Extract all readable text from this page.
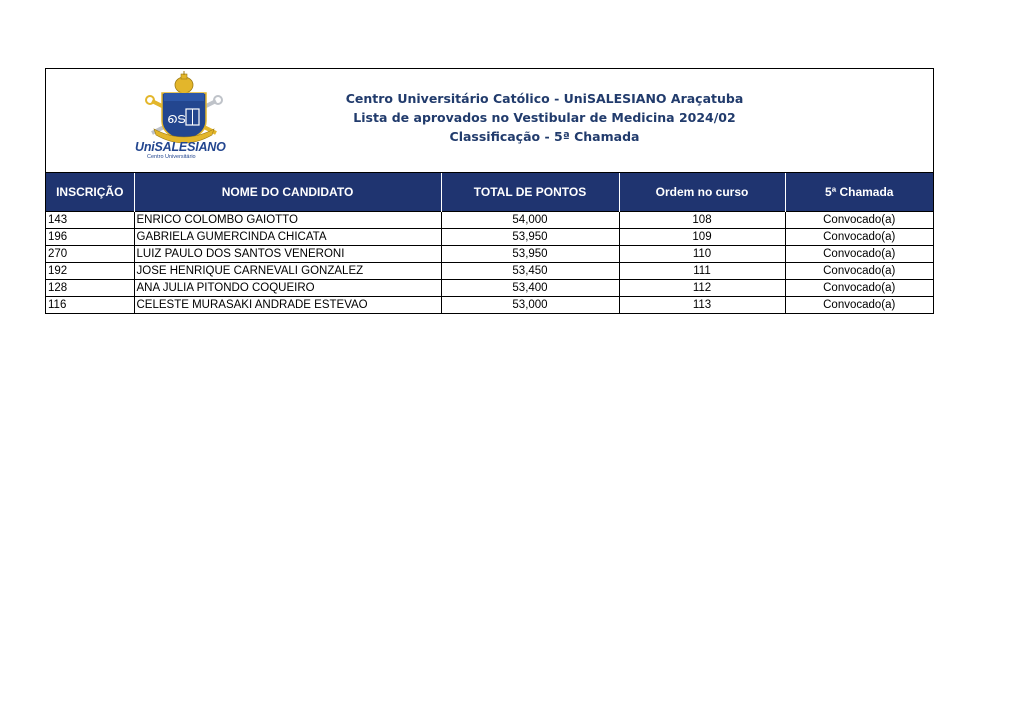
ടെ
UniSALESIANO
Centro Universitário
Centro Universitário Católico - UniSALESIANO Araçatuba
Lista de aprovados no Vestibular de Medicina 2024/02
Classificação - 5ª Chamada
INSCRIÇÃO	NOME DO CANDIDATO	TOTAL DE PONTOS	Ordem no curso	5ª Chamada
143	ENRICO COLOMBO GAIOTTO	54,000	108	Convocado(a)
196	GABRIELA GUMERCINDA CHICATA	53,950	109	Convocado(a)
270	LUIZ PAULO DOS SANTOS VENERONI	53,950	110	Convocado(a)
192	JOSE HENRIQUE CARNEVALI GONZALEZ	53,450	111	Convocado(a)
128	ANA JULIA PITONDO COQUEIRO	53,400	112	Convocado(a)
116	CELESTE MURASAKI ANDRADE ESTEVAO	53,000	113	Convocado(a)
